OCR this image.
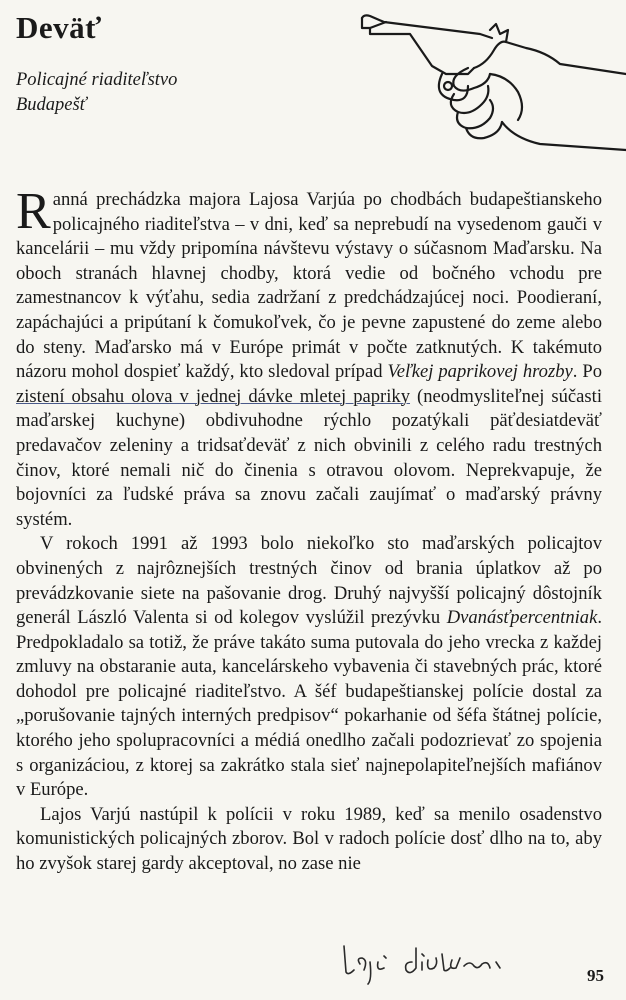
Deväť
Policajné riaditeľstvo
Budapešť

Ranná prechádzka majora Lajosa Varjúa po chodbách budapeštianskeho policajného riaditeľstva – v dni, keď sa neprebudí na vysedenom gauči v kancelárii – mu vždy pripomína návštevu výstavy o súčasnom Maďarsku. Na oboch stranách hlavnej chodby, ktorá vedie od bočného vchodu pre zamestnancov k výťahu, sedia zadržaní z predchádzajúcej noci. Poodieraní, zapáchajúci a pripútaní k čomukoľvek, čo je pevne zapustené do zeme alebo do steny. Maďarsko má v Európe primát v počte zatknutých. K takémuto názoru mohol dospieť každý, kto sledoval prípad Veľkej paprikovej hrozby. Po zistení obsahu olova v jednej dávke mletej papriky (neodmysliteľnej súčasti maďarskej kuchyne) obdivuhodne rýchlo pozatýkali päťdesiatdeväť predavačov zeleniny a tridsaťdeväť z nich obvinili z celého radu trestných činov, ktoré nemali nič do činenia s otravou olovom. Neprekvapuje, že bojovníci za ľudské práva sa znovu začali zaujímať o maďarský právny systém.

V rokoch 1991 až 1993 bolo niekoľko sto maďarských policajtov obvinených z najrôznejších trestných činov od brania úplatkov až po prevádzkovanie siete na pašovanie drog. Druhý najvyšší policajný dôstojník generál László Valenta si od kolegov vyslúžil prezývku Dvanásťpercentniak. Predpokladalo sa totiž, že práve takáto suma putovala do jeho vrecka z každej zmluvy na obstaranie auta, kancelárskeho vybavenia či stavebných prác, ktoré dohodol pre policajné riaditeľstvo. A šéf budapeštianskej polície dostal za „porušovanie tajných interných predpisov“ pokarhanie od šéfa štátnej polície, ktorého jeho spolupracovníci a médiá onedlho začali podozrievať zo spojenia s organizáciou, z ktorej sa zakrátko stala sieť najnepolapiteľnejších mafiánov v Európe.

Lajos Varjú nastúpil k polícii v roku 1989, keď sa menilo osadenstvo komunistických policajných zborov. Bol v radoch polície dosť dlho na to, aby ho zvyšok starej gardy akceptoval, no zase nie

95
